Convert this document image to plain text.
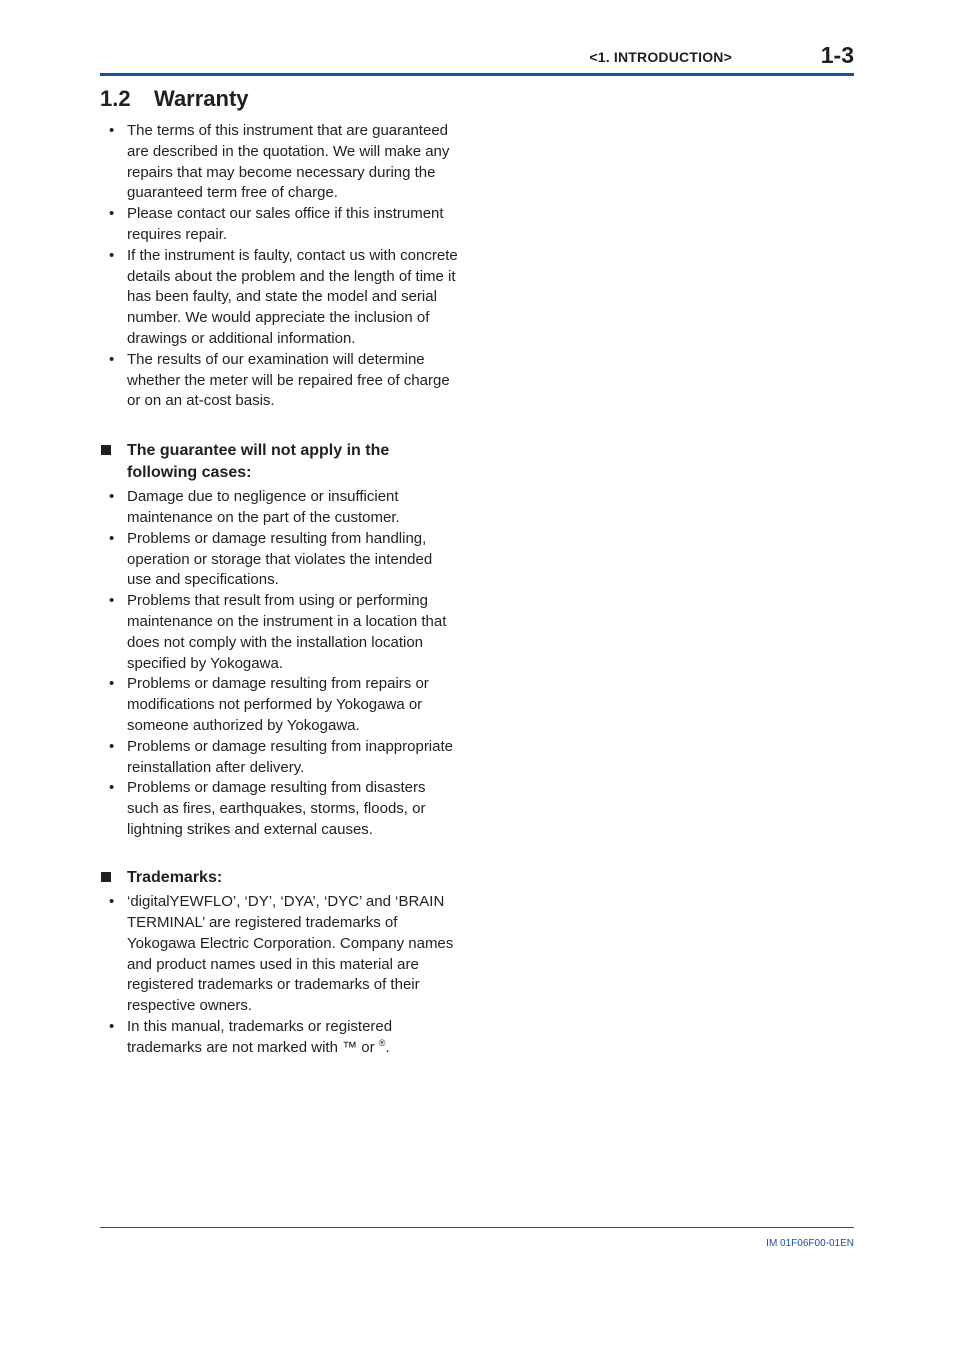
<1. INTRODUCTION>	1-3
1.2 Warranty
• The terms of this instrument that are guaranteed are described in the quotation. We will make any repairs that may become necessary during the guaranteed term free of charge.
• Please contact our sales office if this instrument requires repair.
• If the instrument is faulty, contact us with concrete details about the problem and the length of time it has been faulty, and state the model and serial number. We would appreciate the inclusion of drawings or additional information.
• The results of our examination will determine whether the meter will be repaired free of charge or on an at-cost basis.
The guarantee will not apply in the following cases:
• Damage due to negligence or insufficient maintenance on the part of the customer.
• Problems or damage resulting from handling, operation or storage that violates the intended use and specifications.
• Problems that result from using or performing maintenance on the instrument in a location that does not comply with the installation location specified by Yokogawa.
• Problems or damage resulting from repairs or modifications not performed by Yokogawa or someone authorized by Yokogawa.
• Problems or damage resulting from inappropriate reinstallation after delivery.
• Problems or damage resulting from disasters such as fires, earthquakes, storms, floods, or lightning strikes and external causes.
Trademarks:
• ‘digitalYEWFLO’, ‘DY’, ‘DYA’, ‘DYC’ and ‘BRAIN TERMINAL’ are registered trademarks of Yokogawa Electric Corporation. Company names and product names used in this material are registered trademarks or trademarks of their respective owners.
• In this manual, trademarks or registered trademarks are not marked with ™ or ®.
IM 01F06F00-01EN
